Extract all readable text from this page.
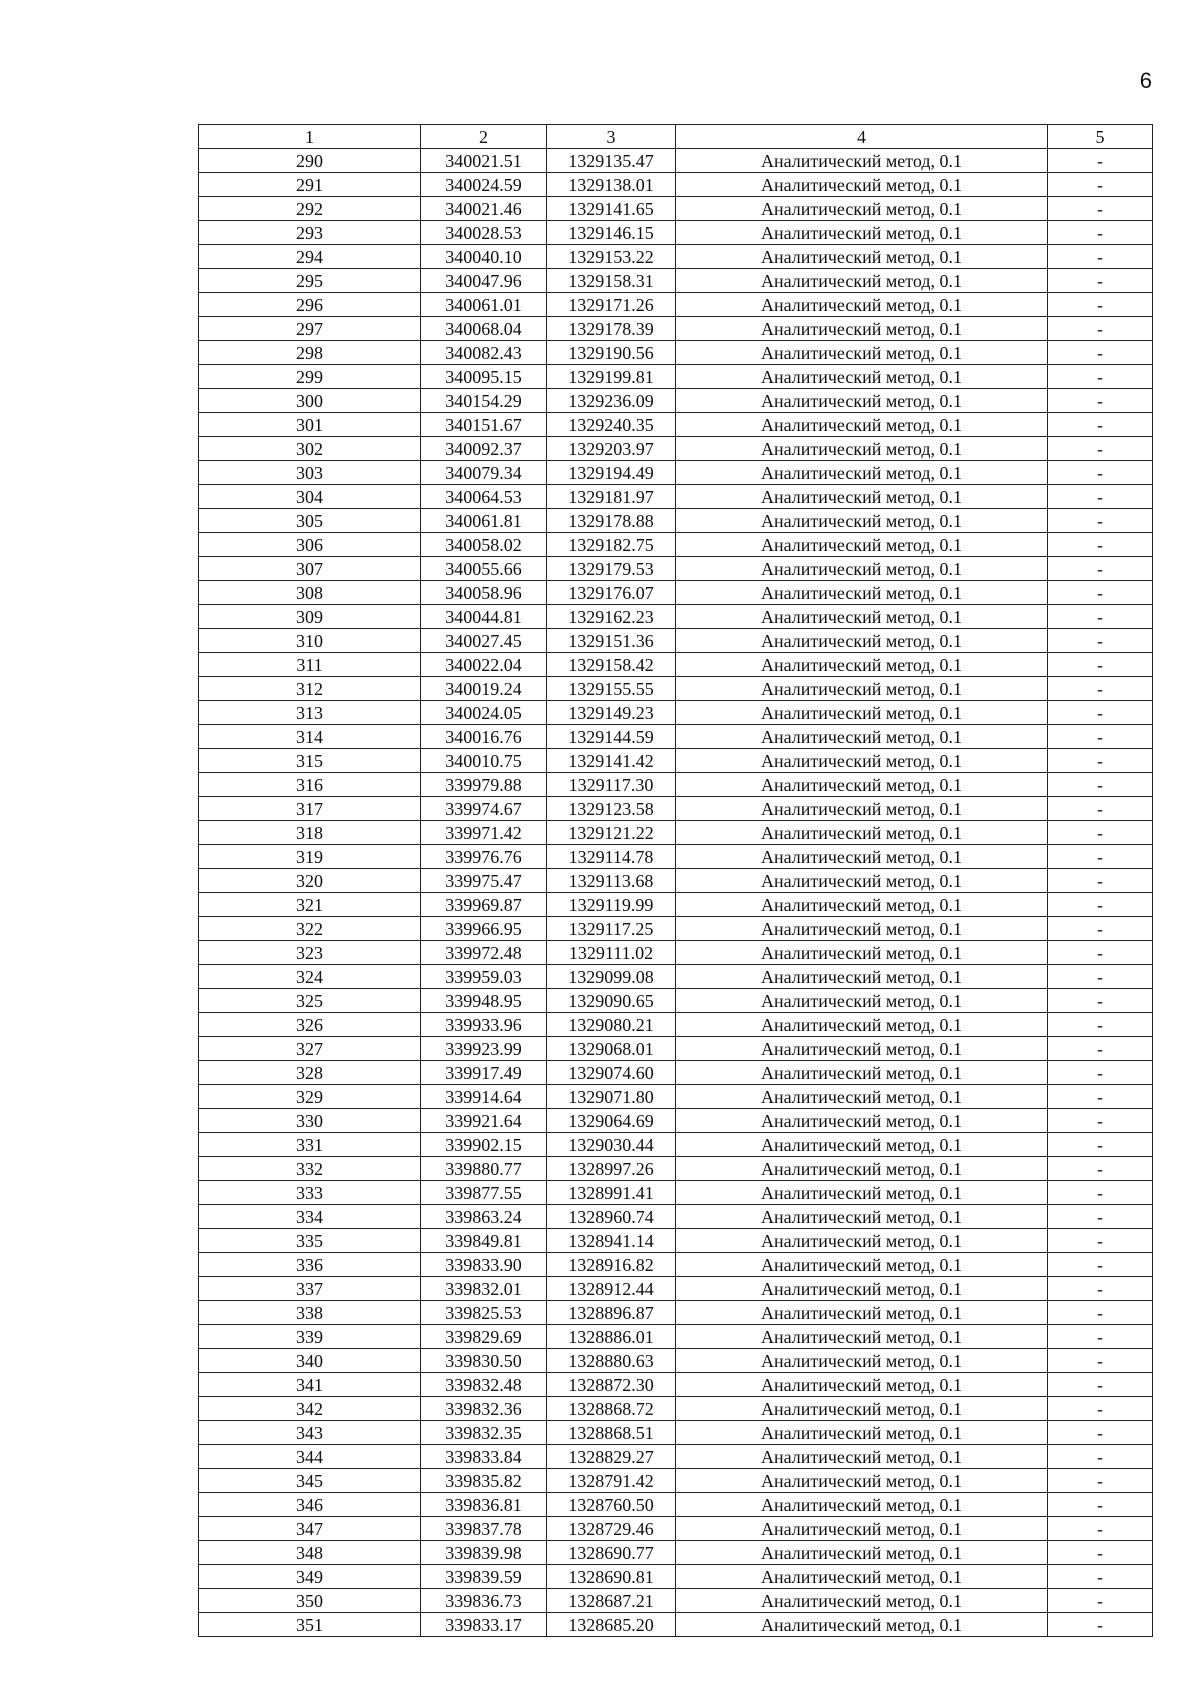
6
1	2	3	4	5
290	340021.51	1329135.47	Аналитический метод, 0.1	-
291	340024.59	1329138.01	Аналитический метод, 0.1	-
292	340021.46	1329141.65	Аналитический метод, 0.1	-
293	340028.53	1329146.15	Аналитический метод, 0.1	-
294	340040.10	1329153.22	Аналитический метод, 0.1	-
295	340047.96	1329158.31	Аналитический метод, 0.1	-
296	340061.01	1329171.26	Аналитический метод, 0.1	-
297	340068.04	1329178.39	Аналитический метод, 0.1	-
298	340082.43	1329190.56	Аналитический метод, 0.1	-
299	340095.15	1329199.81	Аналитический метод, 0.1	-
300	340154.29	1329236.09	Аналитический метод, 0.1	-
301	340151.67	1329240.35	Аналитический метод, 0.1	-
302	340092.37	1329203.97	Аналитический метод, 0.1	-
303	340079.34	1329194.49	Аналитический метод, 0.1	-
304	340064.53	1329181.97	Аналитический метод, 0.1	-
305	340061.81	1329178.88	Аналитический метод, 0.1	-
306	340058.02	1329182.75	Аналитический метод, 0.1	-
307	340055.66	1329179.53	Аналитический метод, 0.1	-
308	340058.96	1329176.07	Аналитический метод, 0.1	-
309	340044.81	1329162.23	Аналитический метод, 0.1	-
310	340027.45	1329151.36	Аналитический метод, 0.1	-
311	340022.04	1329158.42	Аналитический метод, 0.1	-
312	340019.24	1329155.55	Аналитический метод, 0.1	-
313	340024.05	1329149.23	Аналитический метод, 0.1	-
314	340016.76	1329144.59	Аналитический метод, 0.1	-
315	340010.75	1329141.42	Аналитический метод, 0.1	-
316	339979.88	1329117.30	Аналитический метод, 0.1	-
317	339974.67	1329123.58	Аналитический метод, 0.1	-
318	339971.42	1329121.22	Аналитический метод, 0.1	-
319	339976.76	1329114.78	Аналитический метод, 0.1	-
320	339975.47	1329113.68	Аналитический метод, 0.1	-
321	339969.87	1329119.99	Аналитический метод, 0.1	-
322	339966.95	1329117.25	Аналитический метод, 0.1	-
323	339972.48	1329111.02	Аналитический метод, 0.1	-
324	339959.03	1329099.08	Аналитический метод, 0.1	-
325	339948.95	1329090.65	Аналитический метод, 0.1	-
326	339933.96	1329080.21	Аналитический метод, 0.1	-
327	339923.99	1329068.01	Аналитический метод, 0.1	-
328	339917.49	1329074.60	Аналитический метод, 0.1	-
329	339914.64	1329071.80	Аналитический метод, 0.1	-
330	339921.64	1329064.69	Аналитический метод, 0.1	-
331	339902.15	1329030.44	Аналитический метод, 0.1	-
332	339880.77	1328997.26	Аналитический метод, 0.1	-
333	339877.55	1328991.41	Аналитический метод, 0.1	-
334	339863.24	1328960.74	Аналитический метод, 0.1	-
335	339849.81	1328941.14	Аналитический метод, 0.1	-
336	339833.90	1328916.82	Аналитический метод, 0.1	-
337	339832.01	1328912.44	Аналитический метод, 0.1	-
338	339825.53	1328896.87	Аналитический метод, 0.1	-
339	339829.69	1328886.01	Аналитический метод, 0.1	-
340	339830.50	1328880.63	Аналитический метод, 0.1	-
341	339832.48	1328872.30	Аналитический метод, 0.1	-
342	339832.36	1328868.72	Аналитический метод, 0.1	-
343	339832.35	1328868.51	Аналитический метод, 0.1	-
344	339833.84	1328829.27	Аналитический метод, 0.1	-
345	339835.82	1328791.42	Аналитический метод, 0.1	-
346	339836.81	1328760.50	Аналитический метод, 0.1	-
347	339837.78	1328729.46	Аналитический метод, 0.1	-
348	339839.98	1328690.77	Аналитический метод, 0.1	-
349	339839.59	1328690.81	Аналитический метод, 0.1	-
350	339836.73	1328687.21	Аналитический метод, 0.1	-
351	339833.17	1328685.20	Аналитический метод, 0.1	-
